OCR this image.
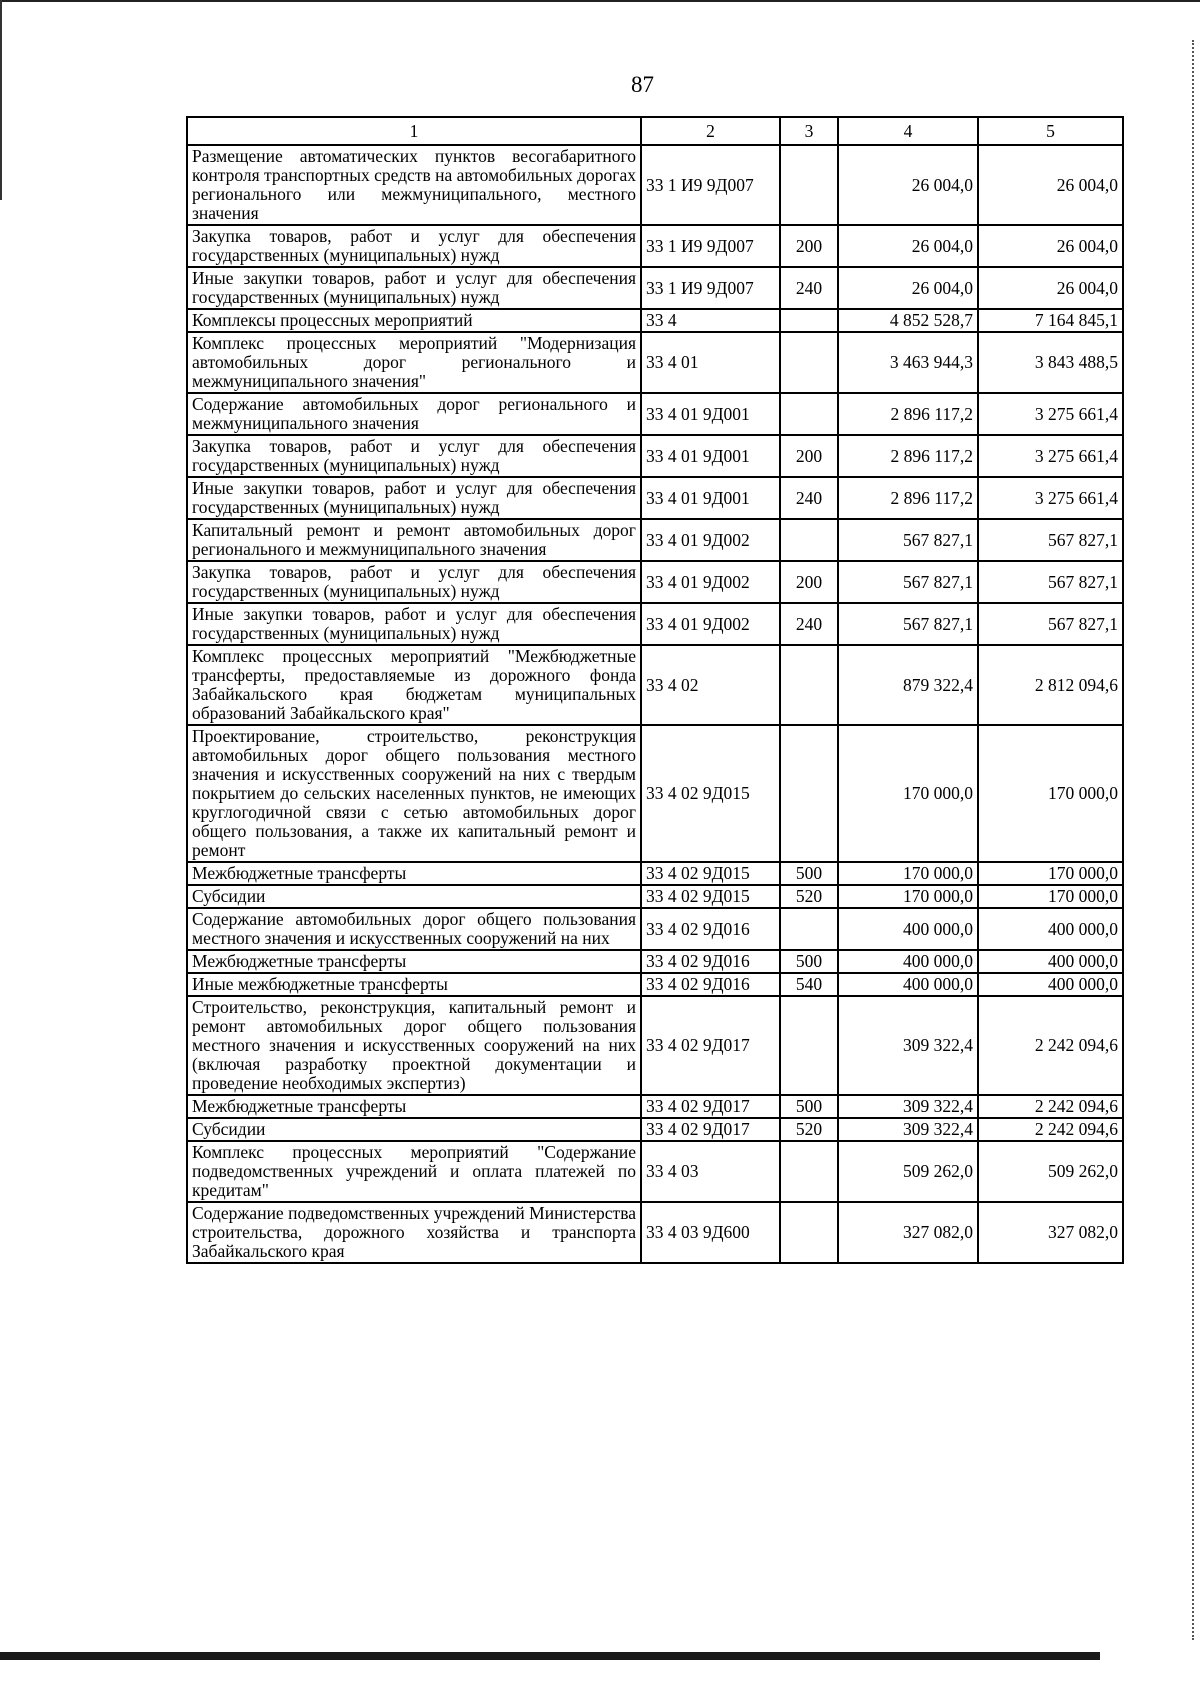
87
1	2	3	4	5
Размещение автоматических пунктов весогабаритного контроля транспортных средств на автомобильных дорогах регионального или межмуниципального, местного значения	33 1 И9 9Д007		26 004,0	26 004,0
Закупка товаров, работ и услуг для обеспечения государственных (муниципальных) нужд	33 1 И9 9Д007	200	26 004,0	26 004,0
Иные закупки товаров, работ и услуг для обеспечения государственных (муниципальных) нужд	33 1 И9 9Д007	240	26 004,0	26 004,0
Комплексы процессных мероприятий	33 4		4 852 528,7	7 164 845,1
Комплекс процессных мероприятий "Модернизация автомобильных дорог регионального и межмуниципального значения"	33 4 01		3 463 944,3	3 843 488,5
Содержание автомобильных дорог регионального и межмуниципального значения	33 4 01 9Д001		2 896 117,2	3 275 661,4
Закупка товаров, работ и услуг для обеспечения государственных (муниципальных) нужд	33 4 01 9Д001	200	2 896 117,2	3 275 661,4
Иные закупки товаров, работ и услуг для обеспечения государственных (муниципальных) нужд	33 4 01 9Д001	240	2 896 117,2	3 275 661,4
Капитальный ремонт и ремонт автомобильных дорог регионального и межмуниципального значения	33 4 01 9Д002		567 827,1	567 827,1
Закупка товаров, работ и услуг для обеспечения государственных (муниципальных) нужд	33 4 01 9Д002	200	567 827,1	567 827,1
Иные закупки товаров, работ и услуг для обеспечения государственных (муниципальных) нужд	33 4 01 9Д002	240	567 827,1	567 827,1
Комплекс процессных мероприятий "Межбюджетные трансферты, предоставляемые из дорожного фонда Забайкальского края бюджетам муниципальных образований Забайкальского края"	33 4 02		879 322,4	2 812 094,6
Проектирование, строительство, реконструкция автомобильных дорог общего пользования местного значения и искусственных сооружений на них с твердым покрытием до сельских населенных пунктов, не имеющих круглогодичной связи с сетью автомобильных дорог общего пользования, а также их капитальный ремонт и ремонт	33 4 02 9Д015		170 000,0	170 000,0
Межбюджетные трансферты	33 4 02 9Д015	500	170 000,0	170 000,0
Субсидии	33 4 02 9Д015	520	170 000,0	170 000,0
Содержание автомобильных дорог общего пользования местного значения и искусственных сооружений на них	33 4 02 9Д016		400 000,0	400 000,0
Межбюджетные трансферты	33 4 02 9Д016	500	400 000,0	400 000,0
Иные межбюджетные трансферты	33 4 02 9Д016	540	400 000,0	400 000,0
Строительство, реконструкция, капитальный ремонт и ремонт автомобильных дорог общего пользования местного значения и искусственных сооружений на них (включая разработку проектной документации и проведение необходимых экспертиз)	33 4 02 9Д017		309 322,4	2 242 094,6
Межбюджетные трансферты	33 4 02 9Д017	500	309 322,4	2 242 094,6
Субсидии	33 4 02 9Д017	520	309 322,4	2 242 094,6
Комплекс процессных мероприятий "Содержание подведомственных учреждений и оплата платежей по кредитам"	33 4 03		509 262,0	509 262,0
Содержание подведомственных учреждений Министерства строительства, дорожного хозяйства и транспорта Забайкальского края	33 4 03 9Д600		327 082,0	327 082,0
